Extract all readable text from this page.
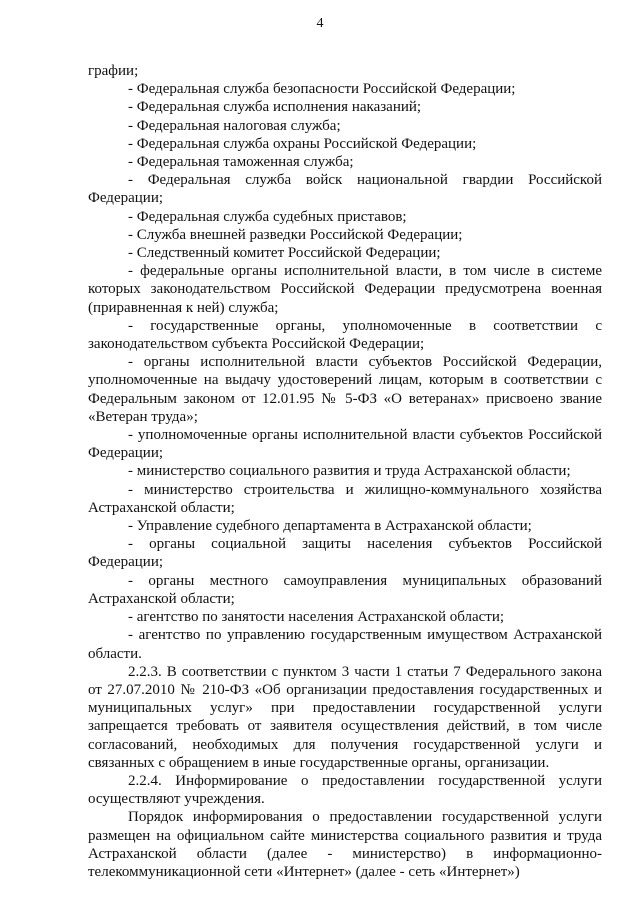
4

графии;

- Федеральная служба безопасности Российской Федерации;

- Федеральная служба исполнения наказаний;

- Федеральная налоговая служба;

- Федеральная служба охраны Российской Федерации;

- Федеральная таможенная служба;

- Федеральная служба войск национальной гвардии Российской Федерации;

- Федеральная служба судебных приставов;

- Служба внешней разведки Российской Федерации;

- Следственный комитет Российской Федерации;

- федеральные органы исполнительной власти, в том числе в системе которых законодательством Российской Федерации предусмотрена военная (приравненная к ней) служба;

- государственные органы, уполномоченные в соответствии с законодательством субъекта Российской Федерации;

- органы исполнительной власти субъектов Российской Федерации, уполномоченные на выдачу удостоверений лицам, которым в соответствии с Федеральным законом от 12.01.95 № 5-ФЗ «О ветеранах» присвоено звание «Ветеран труда»;

- уполномоченные органы исполнительной власти субъектов Российской Федерации;

- министерство социального развития и труда Астраханской области;

- министерство строительства и жилищно-коммунального хозяйства Астраханской области;

- Управление судебного департамента в Астраханской области;

- органы социальной защиты населения субъектов Российской Федерации;

- органы местного самоуправления муниципальных образований Астраханской области;

- агентство по занятости населения Астраханской области;

- агентство по управлению государственным имуществом Астраханской области.

2.2.3. В соответствии с пунктом 3 части 1 статьи 7 Федерального закона от 27.07.2010 № 210-ФЗ «Об организации предоставления государственных и муниципальных услуг» при предоставлении государственной услуги запрещается требовать от заявителя осуществления действий, в том числе согласований, необходимых для получения государственной услуги и связанных с обращением в иные государственные органы, организации.

2.2.4. Информирование о предоставлении государственной услуги осуществляют учреждения.

Порядок информирования о предоставлении государственной услуги размещен на официальном сайте министерства социального развития и труда Астраханской области (далее - министерство) в информационно-телекоммуникационной сети «Интернет» (далее - сеть «Интернет»)
